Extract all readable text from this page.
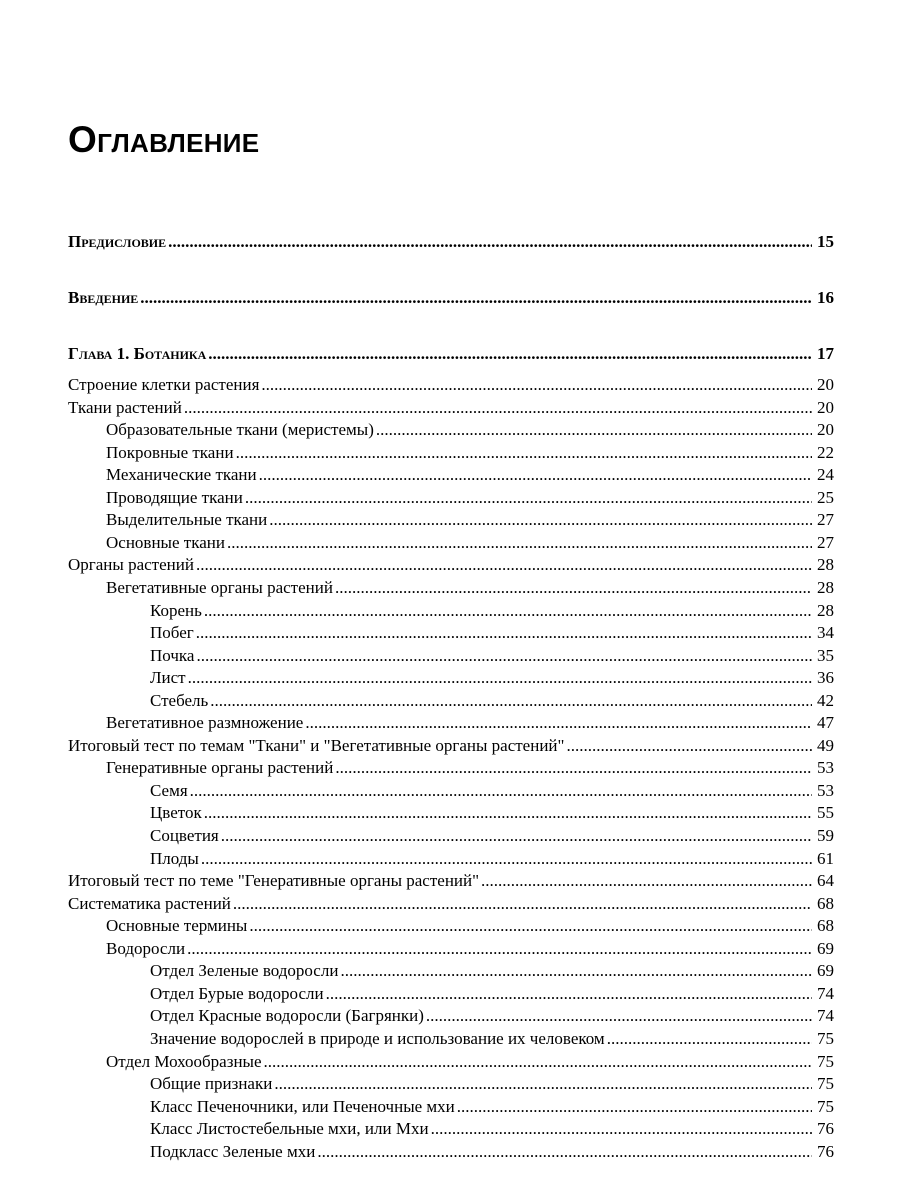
Оглавление
Предисловие .....	15
Введение .....	16
Глава 1. Ботаника .....	17
Строение клетки растения .....	20
Ткани растений .....	20
Образовательные ткани (меристемы) .....	20
Покровные ткани .....	22
Механические ткани .....	24
Проводящие ткани .....	25
Выделительные ткани .....	27
Основные ткани .....	27
Органы растений .....	28
Вегетативные органы растений .....	28
Корень .....	28
Побег .....	34
Почка .....	35
Лист .....	36
Стебель .....	42
Вегетативное размножение .....	47
Итоговый тест по темам "Ткани" и "Вегетативные органы растений" .....	49
Генеративные органы растений .....	53
Семя .....	53
Цветок .....	55
Соцветия .....	59
Плоды .....	61
Итоговый тест по теме "Генеративные органы растений" .....	64
Систематика растений .....	68
Основные термины .....	68
Водоросли .....	69
Отдел Зеленые водоросли .....	69
Отдел Бурые водоросли .....	74
Отдел Красные водоросли (Багрянки) .....	74
Значение водорослей в природе и использование их человеком .....	75
Отдел Мохообразные .....	75
Общие признаки .....	75
Класс Печеночники, или Печеночные мхи .....	75
Класс Листостебельные мхи, или Мхи .....	76
Подкласс Зеленые мхи .....	76
